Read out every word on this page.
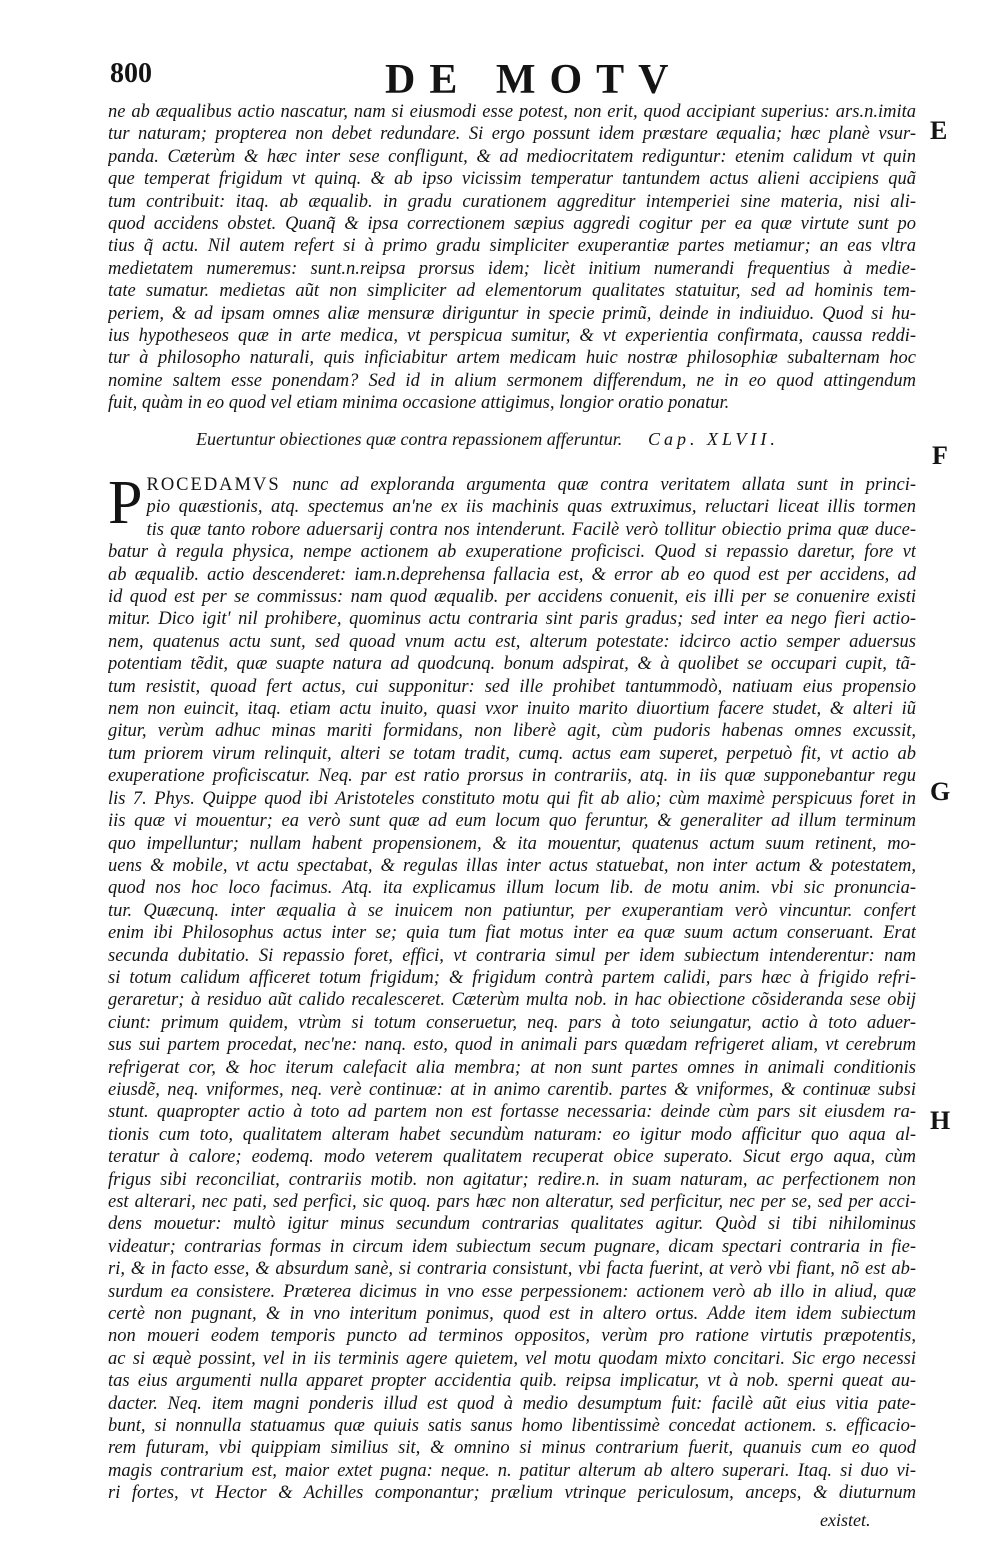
800	DE MOTV
E
F
G
H
ne ab æqualibus actio nascatur, nam si eiusmodi esse potest, non erit, quod accipiant superius: ars.n.imita
tur naturam; propterea non debet redundare. Si ergo possunt idem præstare æqualia; hæc planè vsur-
panda. Cæterùm & hæc inter sese confligunt, & ad mediocritatem rediguntur: etenim calidum vt quin
que temperat frigidum vt quinq. & ab ipso vicissim temperatur tantundem actus alieni accipiens quã
tum contribuit: itaq. ab æqualib. in gradu curationem aggreditur intemperiei sine materia, nisi ali-
quod accidens obstet. Quanq̃ & ipsa correctionem sæpius aggredi cogitur per ea quæ virtute sunt po
tius q̃ actu. Nil autem refert si à primo gradu simpliciter exuperantiæ partes metiamur; an eas vltra
medietatem numeremus: sunt.n.reipsa prorsus idem; licèt initium numerandi frequentius à medie-
tate sumatur. medietas aũt non simpliciter ad elementorum qualitates statuitur, sed ad hominis tem-
periem, & ad ipsam omnes aliæ mensuræ diriguntur in specie primũ, deinde in indiuiduo. Quod si hu-
ius hypotheseos quæ in arte medica, vt perspicua sumitur, & vt experientia confirmata, caussa reddi-
tur à philosopho naturali, quis inficiabitur artem medicam huic nostræ philosophiæ subalternam hoc
nomine saltem esse ponendam? Sed id in alium sermonem differendum, ne in eo quod attingendum
fuit, quàm in eo quod vel etiam minima occasione attigimus, longior oratio ponatur.
Euertuntur obiectiones quæ contra repassionem afferuntur. Cap. XLVII.
P ROCEDAMVS nunc ad exploranda argumenta quæ contra veritatem allata sunt in princi-
pio quæstionis, atq. spectemus an'ne ex iis machinis quas extruximus, reluctari liceat illis tormen
tis quæ tanto robore aduersarij contra nos intenderunt. Facilè verò tollitur obiectio prima quæ duce-
batur à regula physica, nempe actionem ab exuperatione proficisci. Quod si repassio daretur, fore vt
ab æqualib. actio descenderet: iam.n.deprehensa fallacia est, & error ab eo quod est per accidens, ad
id quod est per se commissus: nam quod æqualib. per accidens conuenit, eis illi per se conuenire existi
mitur. Dico igit' nil prohibere, quominus actu contraria sint paris gradus; sed inter ea nego fieri actio-
nem, quatenus actu sunt, sed quoad vnum actu est, alterum potestate: idcirco actio semper aduersus
potentiam tẽdit, quæ suapte natura ad quodcunq. bonum adspirat, & à quolibet se occupari cupit, tã-
tum resistit, quoad fert actus, cui supponitur: sed ille prohibet tantummodò, natiuam eius propensio
nem non euincit, itaq. etiam actu inuito, quasi vxor inuito marito diuortium facere studet, & alteri iũ
gitur, verùm adhuc minas mariti formidans, non liberè agit, cùm pudoris habenas omnes excussit,
tum priorem virum relinquit, alteri se totam tradit, cumq. actus eam superet, perpetuò fit, vt actio ab
exuperatione proficiscatur. Neq. par est ratio prorsus in contrariis, atq. in iis quæ supponebantur regu
lis 7. Phys. Quippe quod ibi Aristoteles constituto motu qui fit ab alio; cùm maximè perspicuus foret in
iis quæ vi mouentur; ea verò sunt quæ ad eum locum quo feruntur, & generaliter ad illum terminum
quo impelluntur; nullam habent propensionem, & ita mouentur, quatenus actum suum retinent, mo-
uens & mobile, vt actu spectabat, & regulas illas inter actus statuebat, non inter actum & potestatem,
quod nos hoc loco facimus. Atq. ita explicamus illum locum lib. de motu anim. vbi sic pronuncia-
tur. Quæcunq. inter æqualia à se inuicem non patiuntur, per exuperantiam verò vincuntur. confert
enim ibi Philosophus actus inter se; quia tum fiat motus inter ea quæ suum actum conseruant. Erat
secunda dubitatio. Si repassio foret, effici, vt contraria simul per idem subiectum intenderentur: nam
si totum calidum afficeret totum frigidum; & frigidum contrà partem calidi, pars hæc à frigido refri-
geraretur; à residuo aũt calido recalesceret. Cæterùm multa nob. in hac obiectione cõsideranda sese obij
ciunt: primum quidem, vtrùm si totum conseruetur, neq. pars à toto seiungatur, actio à toto aduer-
sus sui partem procedat, nec'ne: nanq. esto, quod in animali pars quædam refrigeret aliam, vt cerebrum
refrigerat cor, & hoc iterum calefacit alia membra; at non sunt partes omnes in animali conditionis
eiusdẽ, neq. vniformes, neq. verè continuæ: at in animo carentib. partes & vniformes, & continuæ subsi
stunt. quapropter actio à toto ad partem non est fortasse necessaria: deinde cùm pars sit eiusdem ra-
tionis cum toto, qualitatem alteram habet secundùm naturam: eo igitur modo afficitur quo aqua al-
teratur à calore; eodemq. modo veterem qualitatem recuperat obice superato. Sicut ergo aqua, cùm
frigus sibi reconciliat, contrariis motib. non agitatur; redire.n. in suam naturam, ac perfectionem non
est alterari, nec pati, sed perfici, sic quoq. pars hæc non alteratur, sed perficitur, nec per se, sed per acci-
dens mouetur: multò igitur minus secundum contrarias qualitates agitur. Quòd si tibi nihilominus
videatur; contrarias formas in circum idem subiectum secum pugnare, dicam spectari contraria in fie-
ri, & in facto esse, & absurdum sanè, si contraria consistunt, vbi facta fuerint, at verò vbi fiant, nõ est ab-
surdum ea consistere. Præterea dicimus in vno esse perpessionem: actionem verò ab illo in aliud, quæ
certè non pugnant, & in vno interitum ponimus, quod est in altero ortus. Adde item idem subiectum
non moueri eodem temporis puncto ad terminos oppositos, verùm pro ratione virtutis præpotentis,
ac si æquè possint, vel in iis terminis agere quietem, vel motu quodam mixto concitari. Sic ergo necessi
tas eius argumenti nulla apparet propter accidentia quib. reipsa implicatur, vt à nob. sperni queat au-
dacter. Neq. item magni ponderis illud est quod à medio desumptum fuit: facilè aũt eius vitia pate-
bunt, si nonnulla statuamus quæ quiuis satis sanus homo libentissimè concedat actionem. s. efficacio-
rem futuram, vbi quippiam similius sit, & omnino si minus contrarium fuerit, quanuis cum eo quod
magis contrarium est, maior extet pugna: neque. n. patitur alterum ab altero superari. Itaq. si duo vi-
ri fortes, vt Hector & Achilles componantur; prælium vtrinque periculosum, anceps, & diuturnum
existet.
